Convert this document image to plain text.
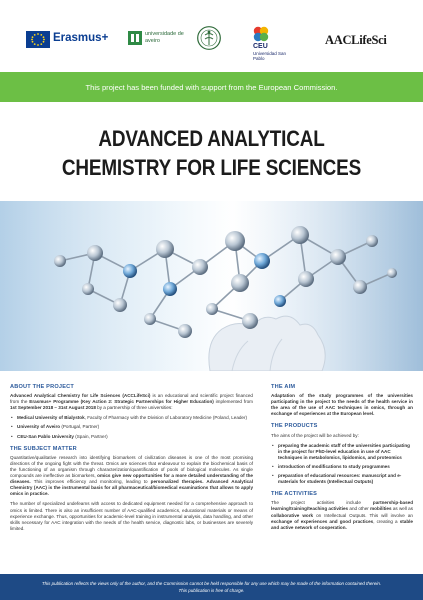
Erasmus+	universidade de aveiro
CEU
Universidad San Pablo
AACLifeSci
This project has been funded with support from the European Commission.
ADVANCED ANALYTICAL
CHEMISTRY FOR LIFE SCIENCES
ABOUT THE PROJECT
Advanced Analytical Chemistry for Life Sciences (ACCLifeSci) is an educational and scientific project financed from the Erasmus+ Programme (Key Action 2: Strategic Partnerships for Higher Education) implemented from 1st September 2018 – 31st August 2018 by a partnership of three universities:
• Medical University of Bialystok, Faculty of Pharmacy with the Division of Laboratory Medicine (Poland, Leader)
• University of Aveiro (Portugal, Partner)
• CEU-San Pablo University (Spain, Partner)
THE SUBJECT MATTER
Quantitative/qualitative research into identifying biomarkers of civilization diseases is one of the most promising directions of the ongoing fight with the threat. Omics are sciences that endeavour to explain the biochemical basis of the functioning of an organism through characterization/quantification of pools of biological molecules. As single compounds are ineffective as biomarkers, omics give new opportunities for a more detailed understanding of the diseases. This improves efficiency and monitoring, leading to personalized therapies. Advanced Analytical Chemistry (AAC) is the instrumental basis for all pharmaceutical/biomedical examinations that allows to apply omics in practice.
The number of specialized undefeams with access to dedicated equipment needed for a comprehensive approach to omics is limited. There is also an insufficient number of AAC-qualified academics, educational materials or means of experience exchange. Thus, opportunities for academic-level training in instrumental analysis, data handling, and other skills necessary for AAC integration with the needs of the health service, diagnostic labs, or businesses are severely limited.
THE AIM
Adaptation of the study programmes of the universities participating in the project to the needs of the health service in the area of the use of AAC techniques in omics, through an exchange of experiences at the European level.
THE PRODUCTS
The aims of the project will be achieved by:
• preparing the academic staff of the universities participating in the project for PhD-level education in use of AAC techniques in metabolomics, lipidomics, and proteomics
• introduction of modifications to study programmes
• preparation of educational resources: manuscript and e-materials for students (Intellectual Outputs)
THE ACTIVITIES
The project activities include partnership-based learning/training/teaching activities and other mobilities as well as collaborative work on Intellectual Outputs. This will involve an exchange of experiences and good practices, creating a stable and active network of cooperation.
This publication reflects the views only of the author, and the Commission cannot be held responsible for any use which may be made of the information contained therein.
This publication is free of charge.
